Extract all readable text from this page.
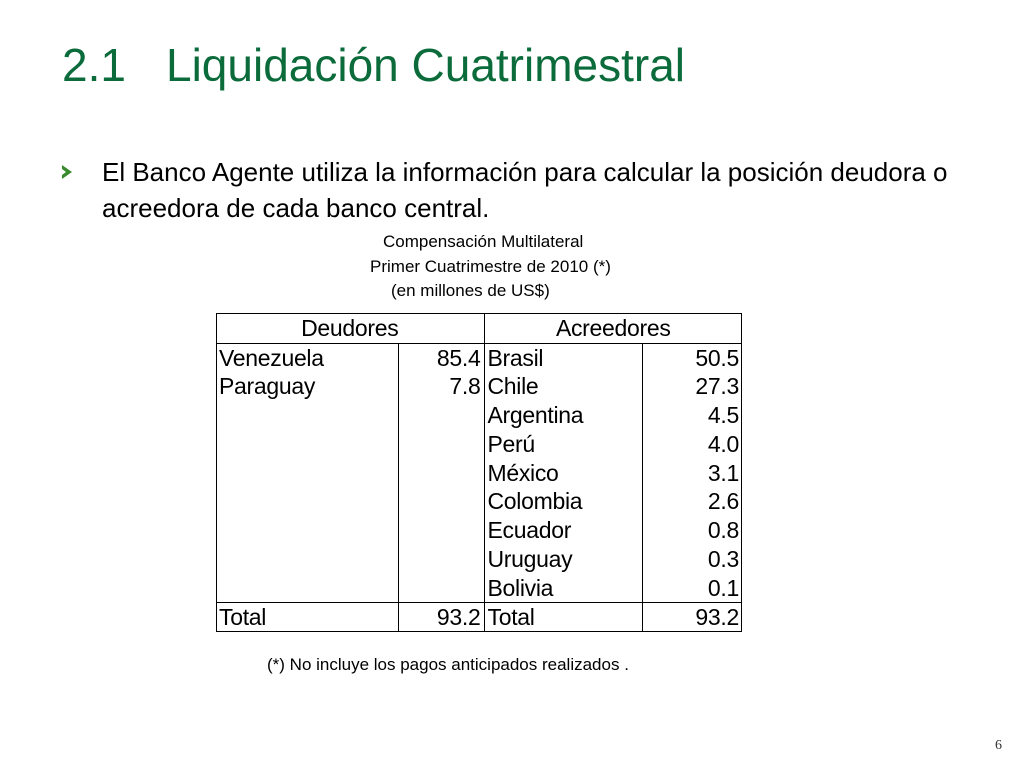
2.1 Liquidación Cuatrimestral
El Banco Agente utiliza la información para calcular la posición deudora o acreedora de cada banco central.
Compensación Multilateral
Primer Cuatrimestre de 2010 (*)
(en millones de US$)
Deudores		Acreedores	
Venezuela	85.4	Brasil	50.5
Paraguay	7.8	Chile	27.3
		Argentina	4.5
		Perú	4.0
		México	3.1
		Colombia	2.6
		Ecuador	0.8
		Uruguay	0.3
		Bolivia	0.1
Total	93.2	Total	93.2
(*) No incluye los pagos anticipados realizados .
6
